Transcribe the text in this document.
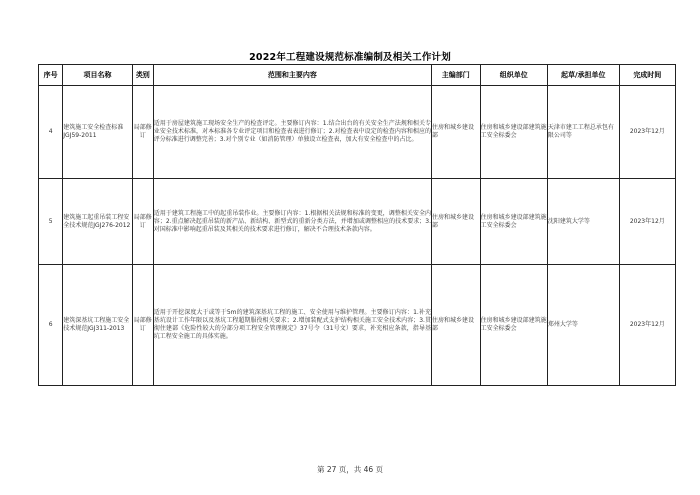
2022年工程建设规范标准编制及相关工作计划
序号	项目名称	类别	范围和主要内容	主编部门	组织单位	起草/承担单位	完成时间
4	建筑施工安全检查标准JGJ59-2011	局部修订	适用于房屋建筑施工现场安全生产的检查评定。主要修订内容：1.结合出台的有关安全生产法规和相关专业安全技术标准，对本标准各专业评定项目和检查表表进行修订；2.对检查表中设定的检查内容和相应的评分标准进行调整完善；3.对个别专业（如消防管理）单独设立检查表，加大有安全检查中的占比。	住房和城乡建设部	住房和城乡建设部建筑施工安全标委会	天津市建工工程总承包有限公司等	2023年12月
5	建筑施工起重吊装工程安全技术规范JGJ276-2012	局部修订	适用于建筑工程施工中的起重吊装作业。主要修订内容：1.根据相关法规和标准的变更，调整相关安全内容；2.重点解决起重吊装的新产品、新结构、新型式的重新分类方法，并增加或调整相应的技术要求；3.对国标准中影响起重吊装及其相关的技术要求进行修订，解决不合理技术条款内容。	住房和城乡建设部	住房和城乡建设部建筑施工安全标委会	沈阳建筑大学等	2023年12月
6	建筑深基坑工程施工安全技术规范JGJ311-2013	局部修订	适用于开挖深度大于或等于5m的建筑深基坑工程的施工、安全使用与维护管理。主要修订内容：1.补充基坑设计工作年限以及基坑工程超期服役相关要求；2.增加装配式支护结构相关施工安全技术内容；3.贯彻住建部《危险性较大的分部分项工程安全管理规定》37号令（31号文）要求，补充相应条款，指导基坑工程安全施工的具体实施。	住房和城乡建设部	住房和城乡建设部建筑施工安全标委会	郑州大学等	2023年12月
第 27 页，共 46 页
